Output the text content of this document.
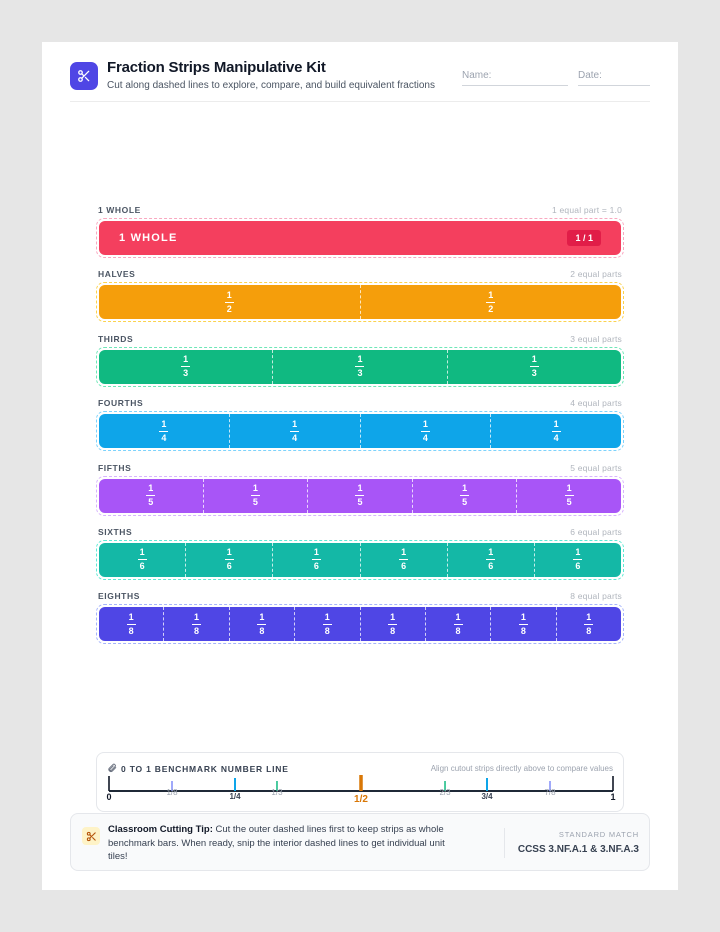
Fraction Strips Manipulative Kit
Cut along dashed lines to explore, compare, and build equivalent fractions
Name:	Date:
1 WHOLE	1 equal part = 1.0
1 WHOLE	1 / 1
HALVES	2 equal parts
$\frac{1}{2}$	$\frac{1}{2}$
THIRDS	3 equal parts
$\frac{1}{3}$	$\frac{1}{3}$	$\frac{1}{3}$
FOURTHS	4 equal parts
$\frac{1}{4}$	$\frac{1}{4}$	$\frac{1}{4}$	$\frac{1}{4}$
FIFTHS	5 equal parts
$\frac{1}{5}$	$\frac{1}{5}$	$\frac{1}{5}$	$\frac{1}{5}$	$\frac{1}{5}$
SIXTHS	6 equal parts
$\frac{1}{6}$	$\frac{1}{6}$	$\frac{1}{6}$	$\frac{1}{6}$	$\frac{1}{6}$	$\frac{1}{6}$
EIGHTHS	8 equal parts
$\frac{1}{8}$	$\frac{1}{8}$	$\frac{1}{8}$	$\frac{1}{8}$	$\frac{1}{8}$	$\frac{1}{8}$	$\frac{1}{8}$	$\frac{1}{8}$
0 TO 1 BENCHMARK NUMBER LINE	Align cutout strips directly above to compare values
0	1/8	1/4	1/3
1/2
2/3	3/4	7/8	1
Classroom Cutting Tip: Cut the outer dashed lines first to keep strips as whole benchmark bars. When ready, snip the interior dashed lines to get individual unit tiles!
STANDARD MATCH
CCSS 3.NF.A.1 & 3.NF.A.3
